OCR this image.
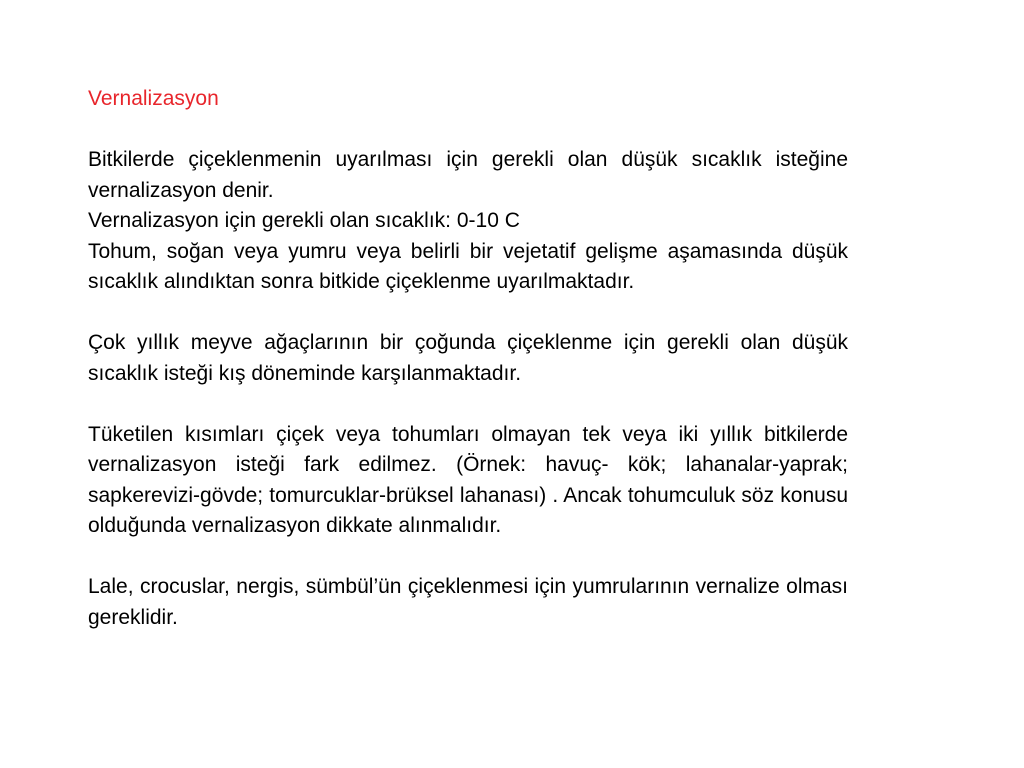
Vernalizasyon

Bitkilerde çiçeklenmenin uyarılması için gerekli olan düşük sıcaklık isteğine vernalizasyon denir.

Vernalizasyon için gerekli olan sıcaklık: 0-10 C

Tohum, soğan veya yumru veya belirli bir vejetatif gelişme aşamasında düşük sıcaklık alındıktan sonra bitkide çiçeklenme uyarılmaktadır.

Çok yıllık meyve ağaçlarının bir çoğunda çiçeklenme için gerekli olan düşük sıcaklık isteği kış döneminde karşılanmaktadır.

Tüketilen kısımları çiçek veya tohumları olmayan tek veya iki yıllık bitkilerde vernalizasyon isteği fark edilmez. (Örnek: havuç- kök; lahanalar-yaprak; sapkerevizi-gövde; tomurcuklar-brüksel lahanası) . Ancak tohumculuk söz konusu olduğunda vernalizasyon dikkate alınmalıdır.

Lale, crocuslar, nergis, sümbül’ün çiçeklenmesi için yumrularının vernalize olması gereklidir.
